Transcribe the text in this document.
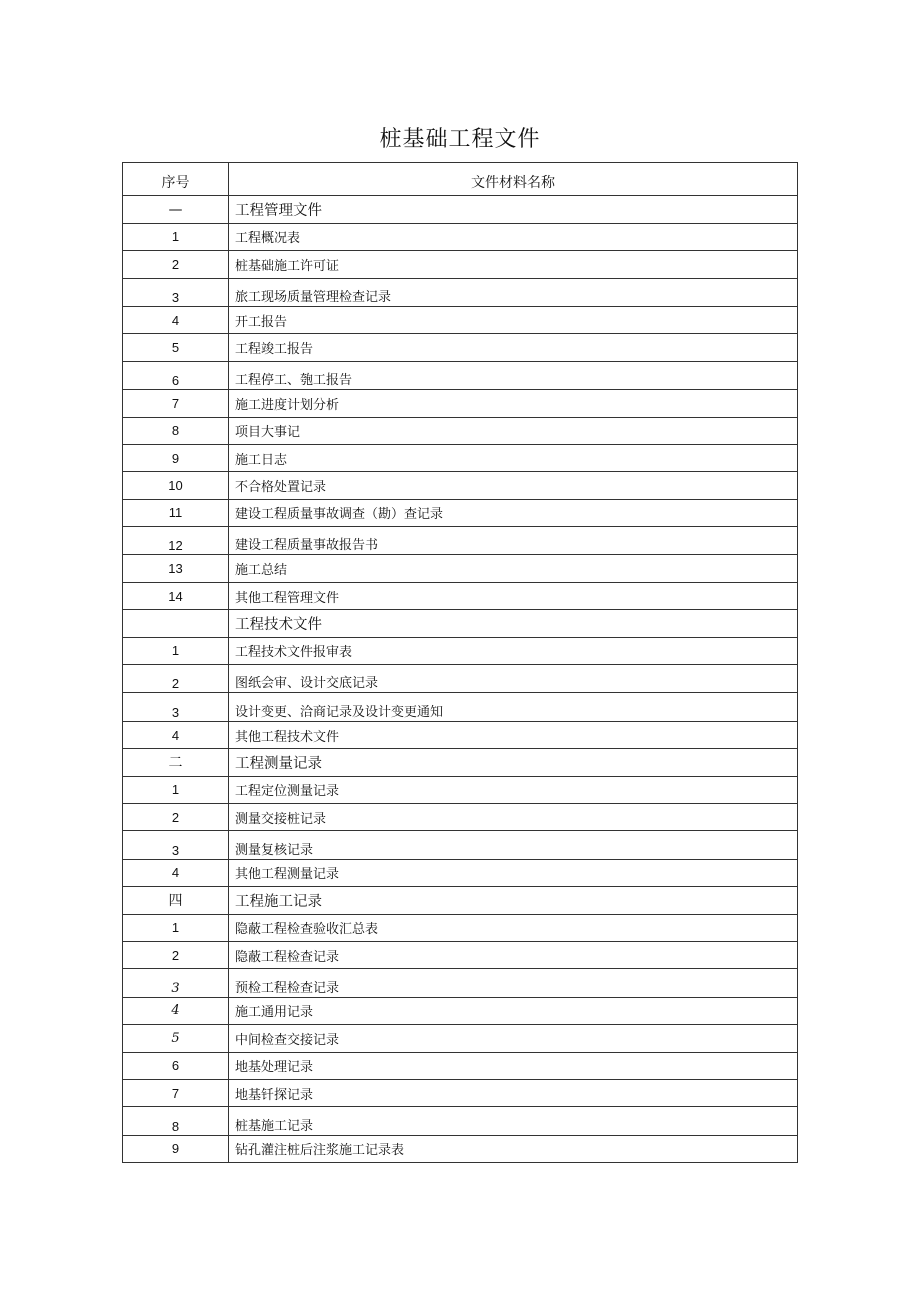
桩基础工程文件
序号	文件材料名称
—	工程管理文件
1	工程概况表
2	桩基础施工许可证
3	旅工现场质量管理检查记录
4	开工报告
5	工程竣工报告
6	工程停工、匏工报告
7	施工进度计划分析
8	项目大事记
9	施工日志
10	不合格处置记录
11	建设工程质量事故调查（勘）查记录
12	建设工程质量事故报告书
13	施工总结
14	其他工程管理文件
	工程技术文件
1	工程技术文件报审表
2	图纸会审、设计交底记录
3	设计变更、洽商记录及设计变更通知
4	其他工程技术文件
二	工程测量记录
1	工程定位测量记录
2	测量交接桩记录
3	测量复核记录
4	其他工程测量记录
四	工程施工记录
1	隐蔽工程检查验收汇总表
2	隐蔽工程检查记录
3	预检工程检查记录
4	施工通用记录
5	中间检查交接记录
6	地基处理记录
7	地基钎探记录
8	桩基施工记录
9	钻孔灌注桩后注浆施工记录表
